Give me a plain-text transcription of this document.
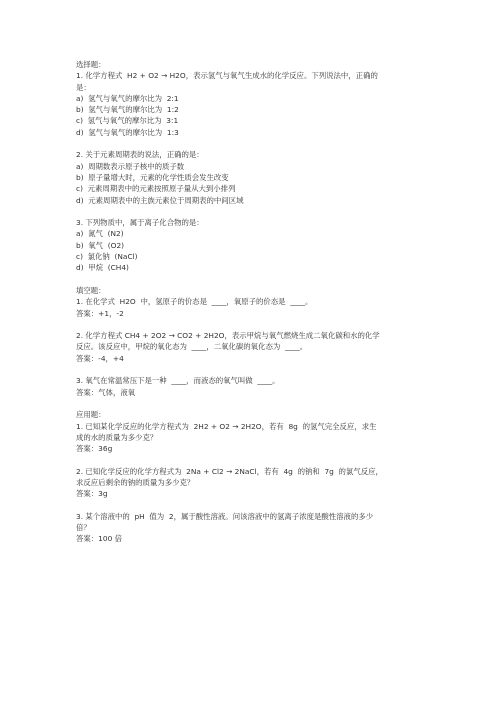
选择题：
1. 化学方程式  H2 + O2 → H2O，表示氢气与氧气生成水的化学反应。下列说法中，正确的
是：
a)  氢气与氧气的摩尔比为  2:1
b)  氢气与氧气的摩尔比为  1:2
c)  氢气与氧气的摩尔比为  3:1
d)  氢气与氧气的摩尔比为  1:3
2. 关于元素周期表的说法，正确的是：
a)  周期数表示原子核中的质子数
b)  原子量增大时，元素的化学性质会发生改变
c)  元素周期表中的元素按照原子量从大到小排列
d)  元素周期表中的主族元素位于周期表的中间区域
3. 下列物质中，属于离子化合物的是：
a)  氮气  (N2)
b)  氧气  (O2)
c)  氯化钠  (NaCl)
d)  甲烷  (CH4)
填空题：
1. 在化学式  H2O  中，氢原子的价态是  ____，氧原子的价态是  ____。
答案：+1，-2
2. 化学方程式 CH4 + 2O2 → CO2 + 2H2O，表示甲烷与氧气燃烧生成二氧化碳和水的化学
反应。该反应中，甲烷的氧化态为  ____，二氧化碳的氧化态为  ____。
答案：-4，+4
3. 氧气在常温常压下是一种  ____，而液态的氧气叫做  ____。
答案：气体，液氧
应用题：
1. 已知某化学反应的化学方程式为  2H2 + O2 → 2H2O，若有  8g  的氢气完全反应，求生
成的水的质量为多少克？
答案：36g
2. 已知化学反应的化学方程式为  2Na + Cl2 → 2NaCl，若有  4g  的钠和  7g  的氯气反应，
求反应后剩余的钠的质量为多少克？
答案：3g
3. 某个溶液中的  pH  值为  2，属于酸性溶液。问该溶液中的氢离子浓度是酸性溶液的多少
倍？
答案：100 倍
